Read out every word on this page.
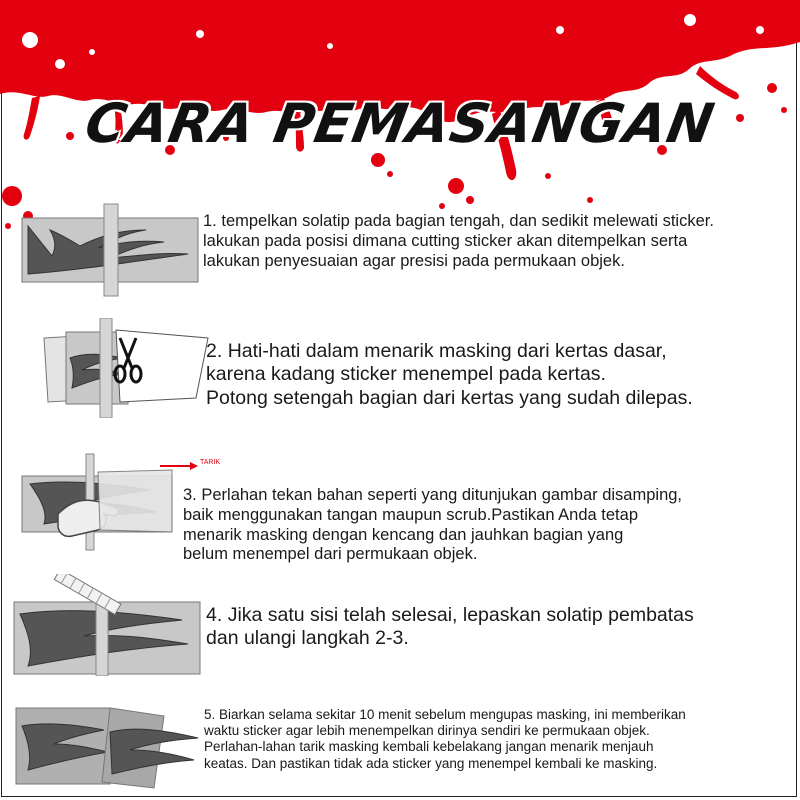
CARA PEMASANGAN

1. tempelkan solatip pada bagian tengah, dan sedikit melewati sticker.

lakukan pada posisi dimana cutting sticker akan ditempelkan serta

lakukan penyesuaian agar presisi pada permukaan objek.

2. Hati-hati dalam menarik masking dari kertas dasar,

karena kadang sticker menempel pada kertas.

Potong setengah bagian dari kertas yang sudah dilepas.

TARIK

3. Perlahan tekan bahan seperti yang ditunjukan gambar disamping,

baik menggunakan tangan maupun scrub.Pastikan Anda tetap

menarik masking dengan kencang dan jauhkan bagian yang

belum menempel dari permukaan objek.

4. Jika satu sisi telah selesai, lepaskan solatip pembatas

dan ulangi langkah 2-3.

5. Biarkan selama sekitar 10 menit sebelum mengupas masking, ini memberikan

waktu sticker agar lebih menempelkan dirinya sendiri ke permukaan objek.

Perlahan-lahan tarik masking kembali kebelakang jangan menarik menjauh

keatas. Dan pastikan tidak ada sticker yang menempel kembali ke masking.
